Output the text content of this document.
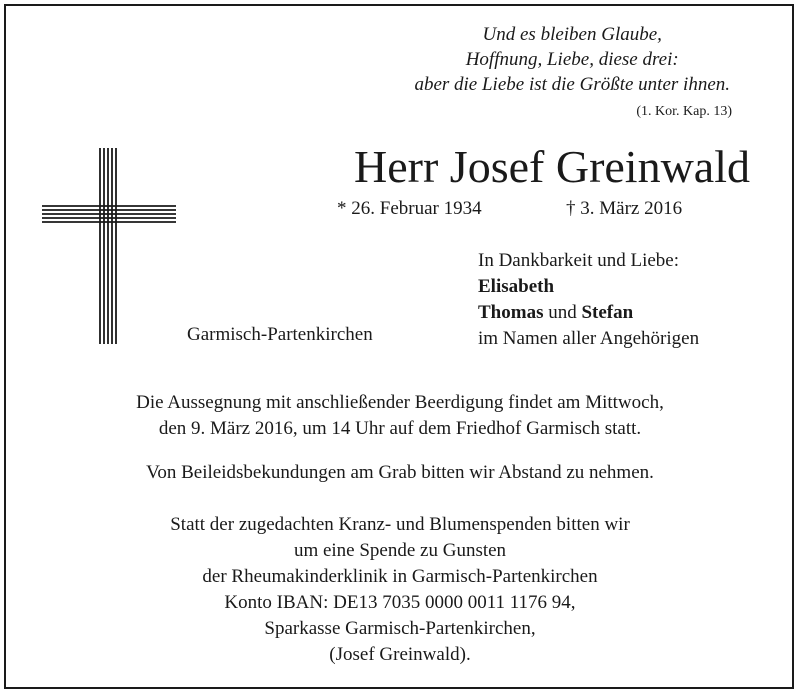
Und es bleiben Glaube,
Hoffnung, Liebe, diese drei:
aber die Liebe ist die Größte unter ihnen.
(1. Kor. Kap. 13)
Herr Josef Greinwald
* 26. Februar 1934	† 3. März 2016
Garmisch-Partenkirchen
In Dankbarkeit und Liebe:
Elisabeth
Thomas und Stefan
im Namen aller Angehörigen
Die Aussegnung mit anschließender Beerdigung findet am Mittwoch,
den 9. März 2016, um 14 Uhr auf dem Friedhof Garmisch statt.
Von Beileidsbekundungen am Grab bitten wir Abstand zu nehmen.
Statt der zugedachten Kranz- und Blumenspenden bitten wir
um eine Spende zu Gunsten
der Rheumakinderklinik in Garmisch-Partenkirchen
Konto IBAN: DE13 7035 0000 0011 1176 94,
Sparkasse Garmisch-Partenkirchen,
(Josef Greinwald).
